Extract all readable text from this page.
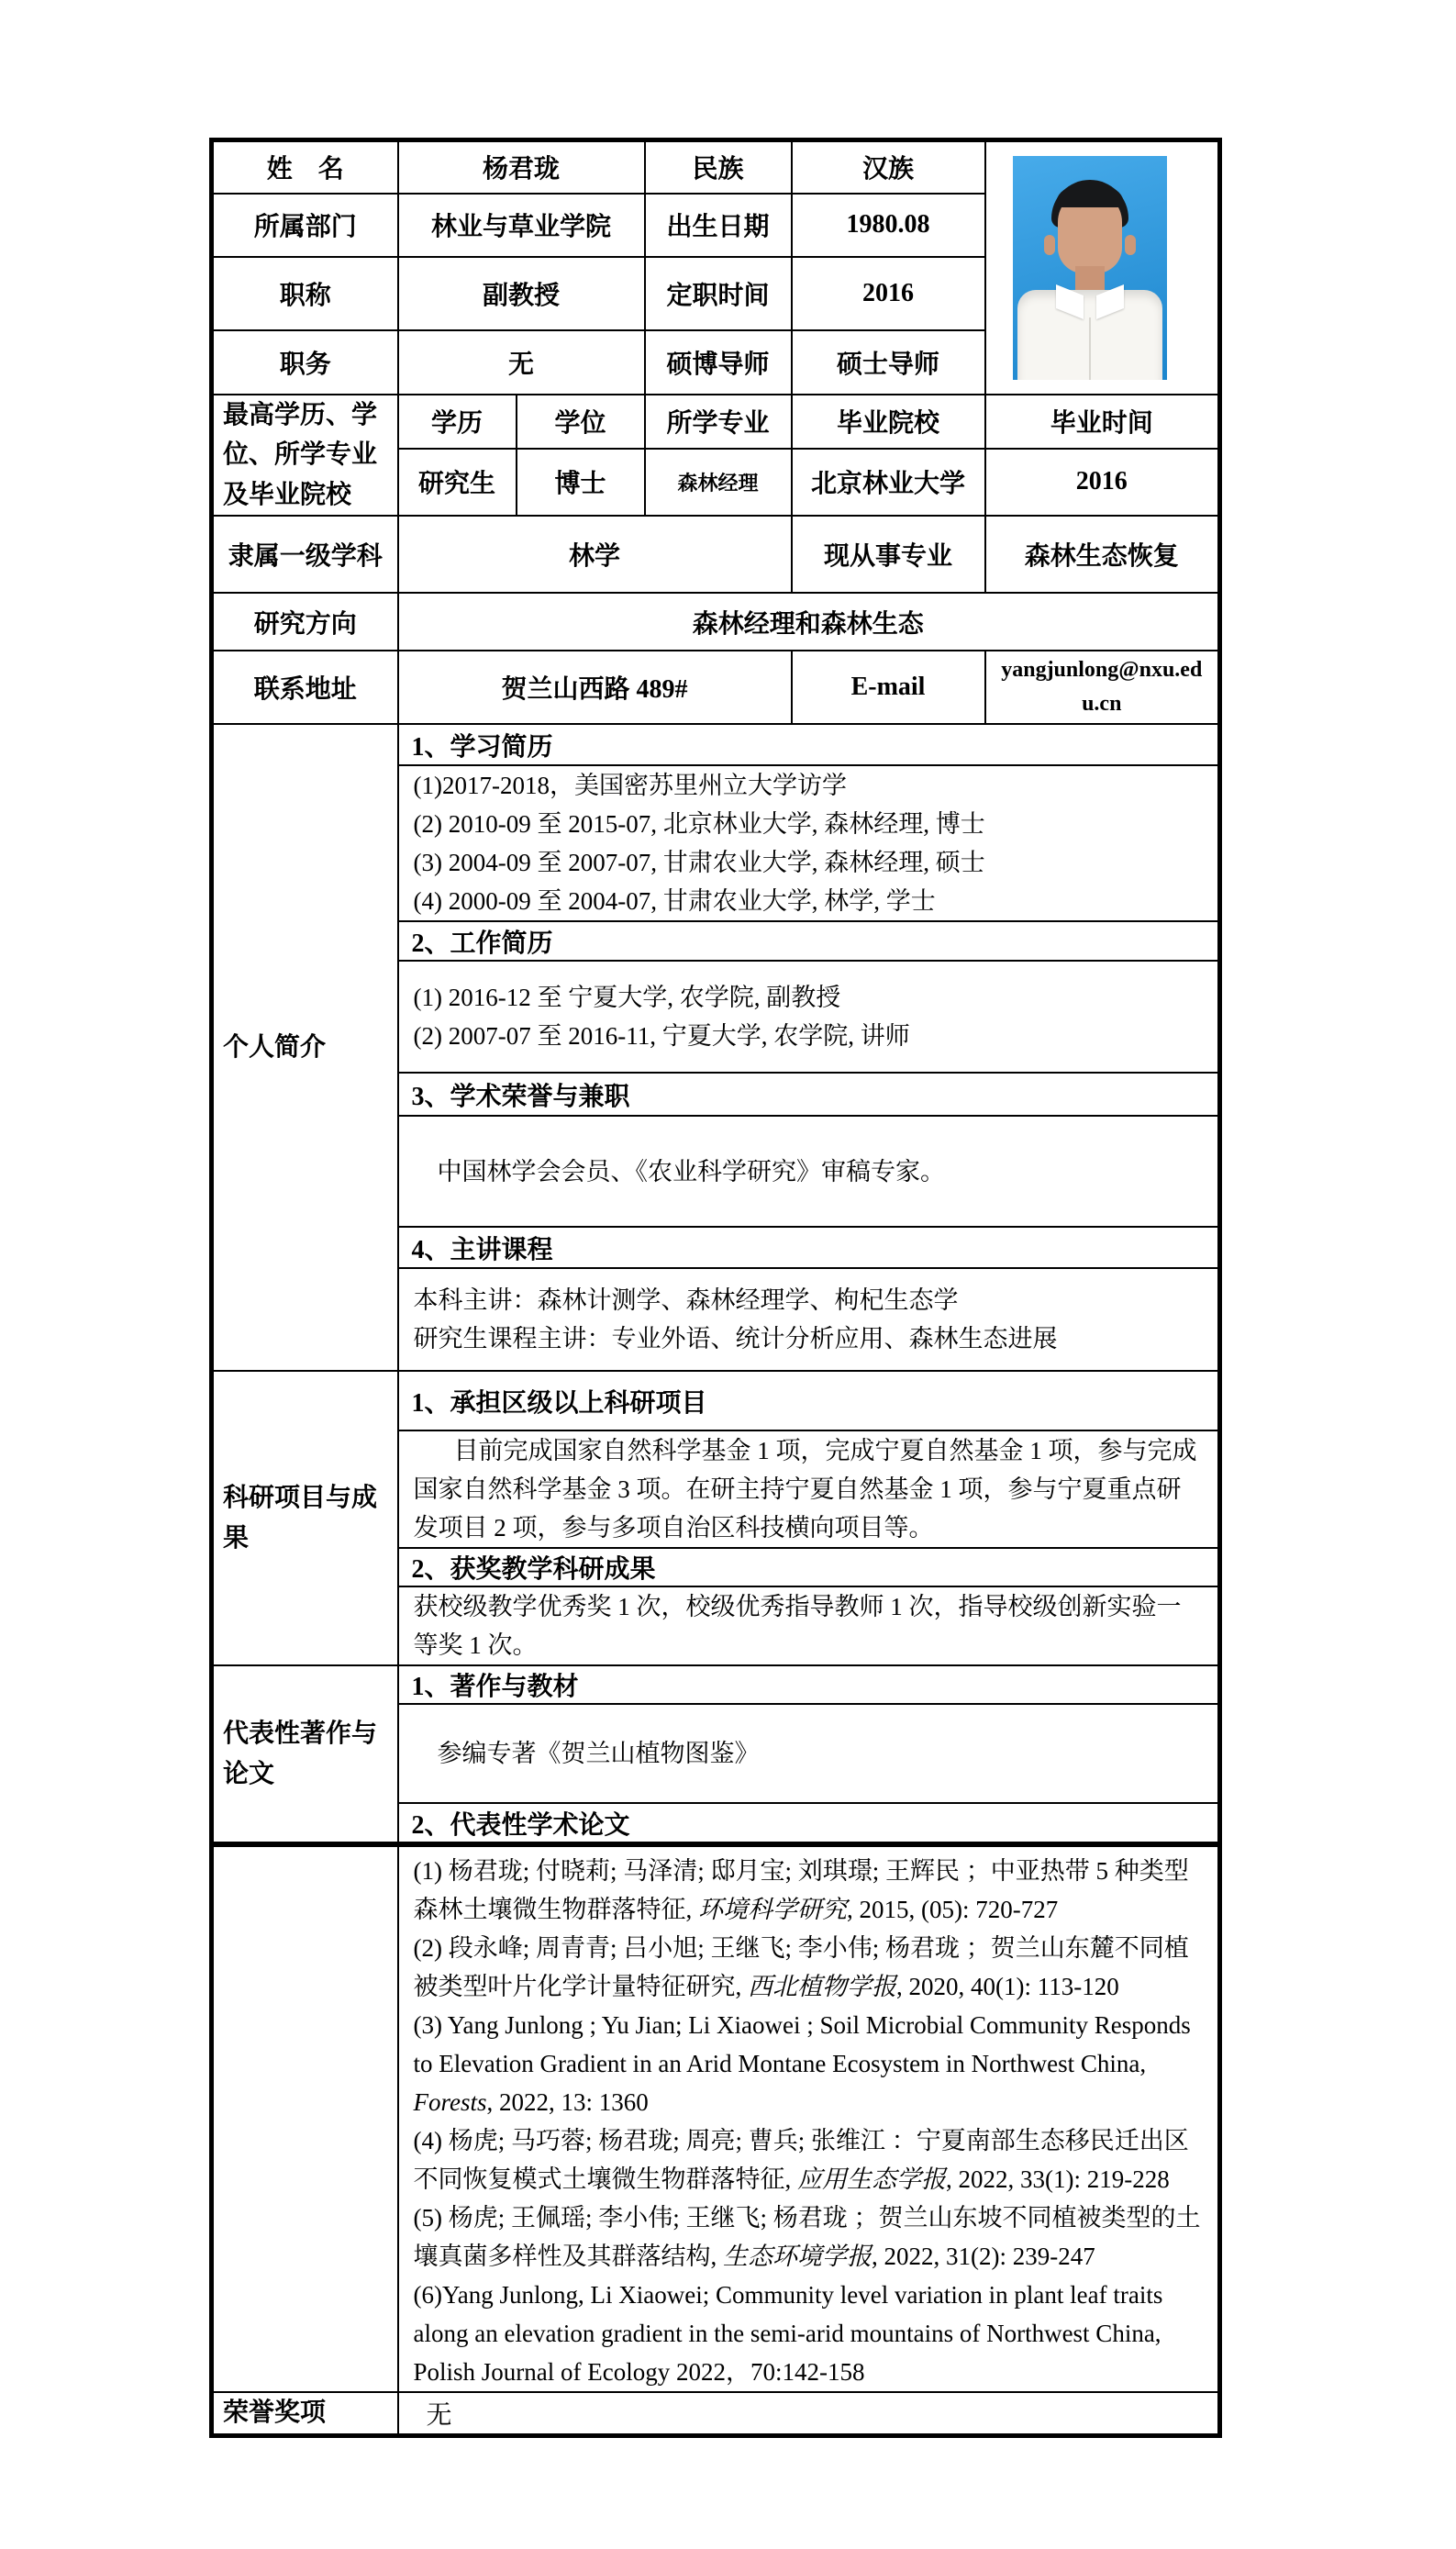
姓　名	杨君珑		民族	汉族	

所属部门	林业与草业学院		出生日期	1980.08	
职称	副教授		定职时间	2016	
职务	无		硕博导师	硕士导师	
最高学历、学位、所学专业及毕业院校	学历	学位	所学专业	毕业院校	毕业时间
	研究生	博士	森林经理	北京林业大学	2016
隶属一级学科	林学			现从事专业	森林生态恢复
研究方向	森林经理和森林生态				
联系地址	贺兰山西路 489#			E-mail	yangjunlong@nxu.edu.cn
个人简介	1、学习简历				

	(1)2017-2018，美国密苏里州立大学访学
(2) 2010-09 至 2015-07, 北京林业大学, 森林经理, 博士
(3) 2004-09 至 2007-07, 甘肃农业大学, 森林经理, 硕士
(4) 2000-09 至 2004-07, 甘肃农业大学, 林学, 学士				

	2、工作简历				

	(1) 2016-12 至 宁夏大学, 农学院, 副教授
(2) 2007-07 至 2016-11, 宁夏大学, 农学院, 讲师				

	3、学术荣誉与兼职				
	中国林学会会员、《农业科学研究》审稿专家。				
	4、主讲课程				

	本科主讲：森林计测学、森林经理学、枸杞生态学
研究生课程主讲：专业外语、统计分析应用、森林生态进展				

科研项目与成果	1、承担区级以上科研项目				
	目前完成国家自然科学基金 1 项，完成宁夏自然基金 1 项，参与完成国家自然科学基金 3 项。在研主持宁夏自然基金 1 项，参与宁夏重点研发项目 2 项，参与多项自治区科技横向项目等。				
	2、获奖教学科研成果				
	获校级教学优秀奖 1 次，校级优秀指导教师 1 次，指导校级创新实验一等奖 1 次。				
代表性著作与论文	1、著作与教材				
	参编专著《贺兰山植物图鉴》				
	2、代表性学术论文				

(1) 杨君珑; 付晓莉; 马泽清; 邸月宝; 刘琪璟; 王辉民 ；中亚热带 5 种类型森林土壤微生物群落特征, 环境科学研究, 2015, (05): 720-727
(2) 段永峰; 周青青; 吕小旭; 王继飞; 李小伟; 杨君珑 ；贺兰山东麓不同植被类型叶片化学计量特征研究, 西北植物学报, 2020, 40(1): 113-120
(3) Yang Junlong ; Yu Jian; Li Xiaowei ; Soil Microbial Community Responds to Elevation Gradient in an Arid Montane Ecosystem in Northwest China, Forests, 2022, 13: 1360
(4) 杨虎; 马巧蓉; 杨君珑; 周亮; 曹兵; 张维江 ：宁夏南部生态移民迁出区不同恢复模式土壤微生物群落特征, 应用生态学报, 2022, 33(1): 219-228
(5) 杨虎; 王佩瑶; 李小伟; 王继飞; 杨君珑 ；贺兰山东坡不同植被类型的土壤真菌多样性及其群落结构, 生态环境学报, 2022, 31(2): 239-247
(6)Yang Junlong, Li Xiaowei; Community level variation in plant leaf traits along an elevation gradient in the semi-arid mountains of Northwest China, Polish Journal of Ecology 2022，70:142-158

荣誉奖项	无				
